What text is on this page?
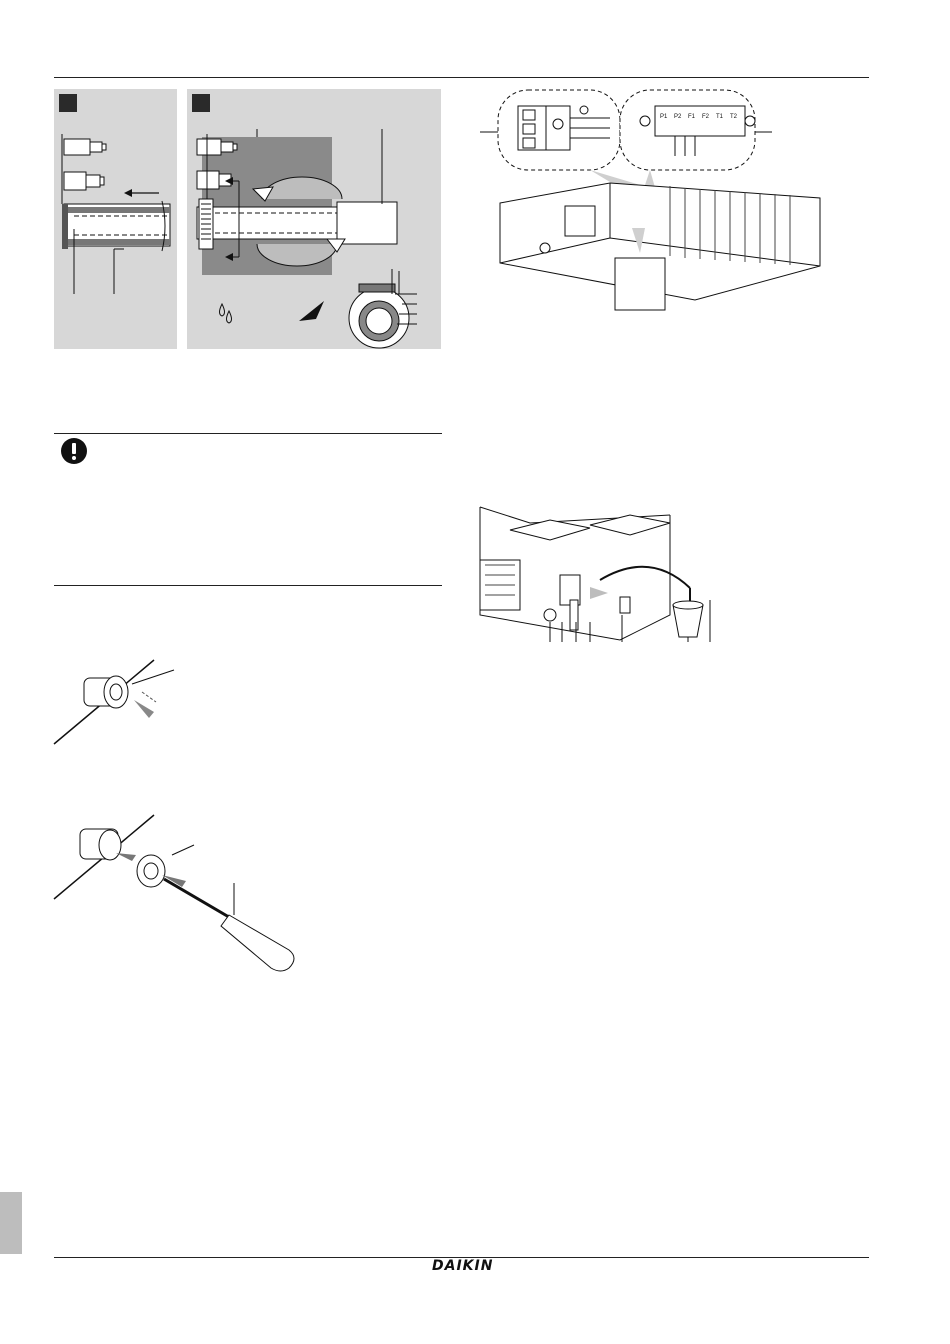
P1 P2 F1 F2 T1 T2
DAIKIN
